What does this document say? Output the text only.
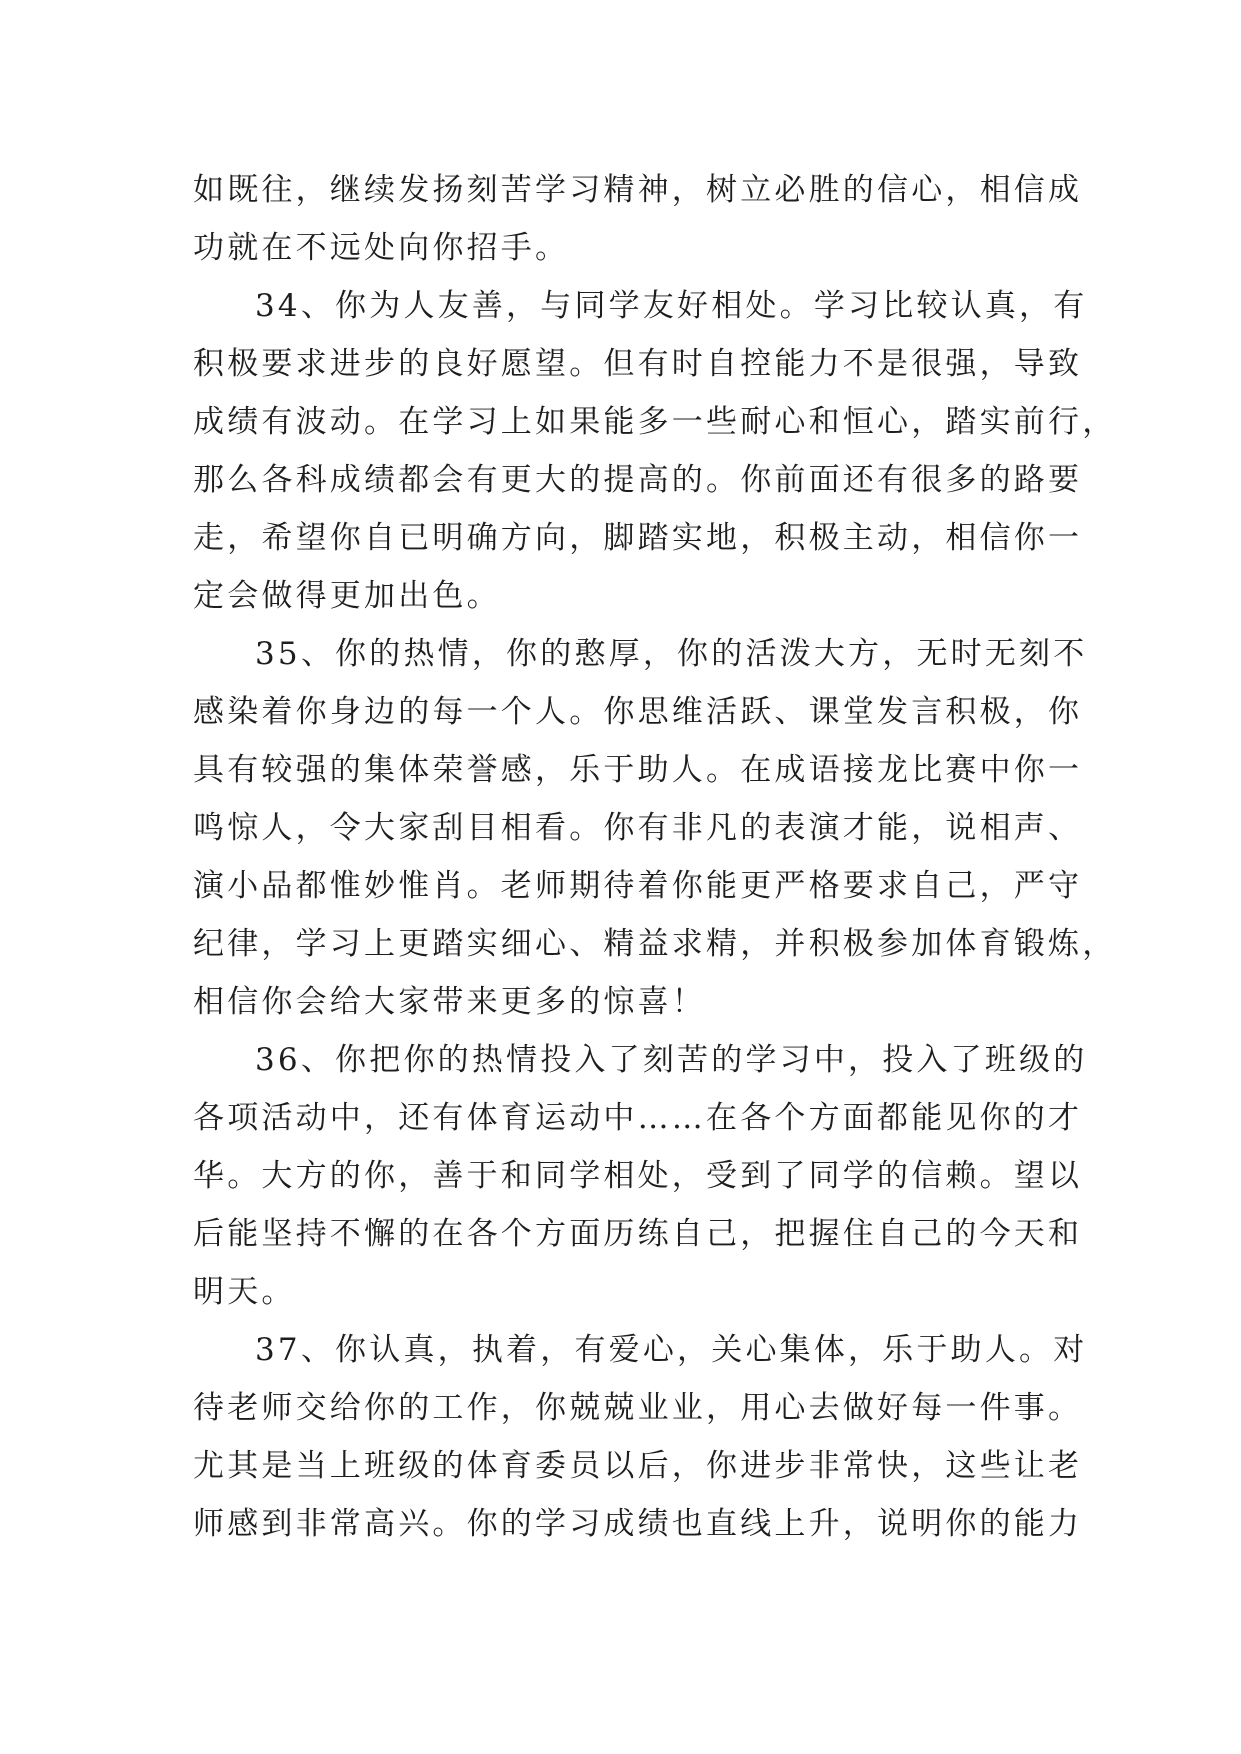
如既往，继续发扬刻苦学习精神，树立必胜的信心，相信成
功就在不远处向你招手。
34、你为人友善，与同学友好相处。学习比较认真，有
积极要求进步的良好愿望。但有时自控能力不是很强，导致
成绩有波动。在学习上如果能多一些耐心和恒心，踏实前行，
那么各科成绩都会有更大的提高的。你前面还有很多的路要
走，希望你自已明确方向，脚踏实地，积极主动，相信你一
定会做得更加出色。
35、你的热情，你的憨厚，你的活泼大方，无时无刻不
感染着你身边的每一个人。你思维活跃、课堂发言积极，你
具有较强的集体荣誉感，乐于助人。在成语接龙比赛中你一
鸣惊人，令大家刮目相看。你有非凡的表演才能，说相声、
演小品都惟妙惟肖。老师期待着你能更严格要求自己，严守
纪律，学习上更踏实细心、精益求精，并积极参加体育锻炼，
相信你会给大家带来更多的惊喜！
36、你把你的热情投入了刻苦的学习中，投入了班级的
各项活动中，还有体育运动中……在各个方面都能见你的才
华。大方的你，善于和同学相处，受到了同学的信赖。望以
后能坚持不懈的在各个方面历练自己，把握住自己的今天和
明天。
37、你认真，执着，有爱心，关心集体，乐于助人。对
待老师交给你的工作，你兢兢业业，用心去做好每一件事。
尤其是当上班级的体育委员以后，你进步非常快，这些让老
师感到非常高兴。你的学习成绩也直线上升，说明你的能力
